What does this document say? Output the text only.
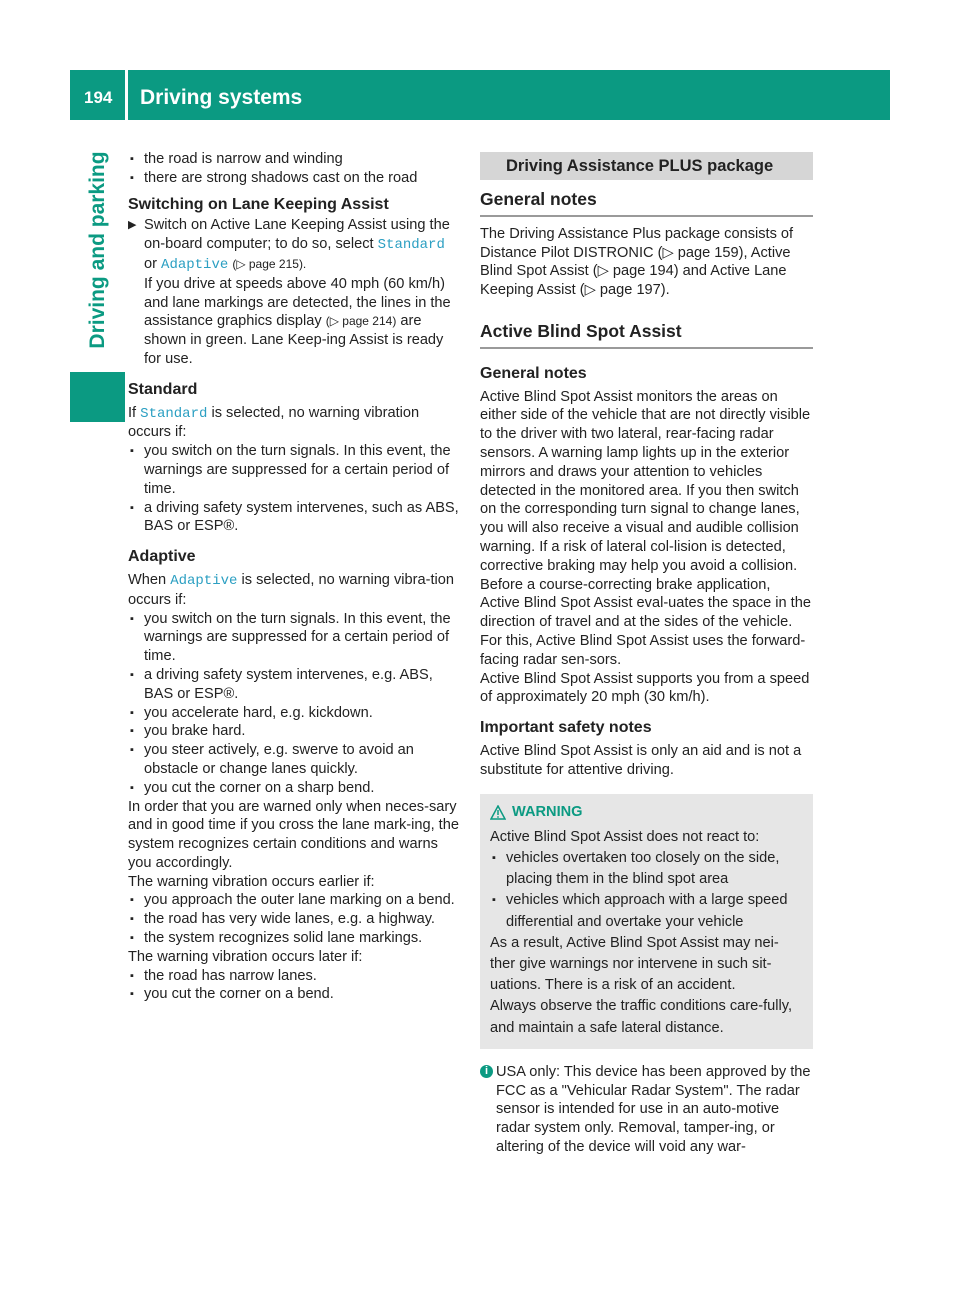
194 Driving systems
Driving and parking ▪ the road is narrow and winding

▪ there are strong shadows cast on the road

Switching on Lane Keeping Assist

▶ Switch on Active Lane Keeping Assist using the on-board computer; to do so, select Standard or Adaptive (▷ page 215).
If you drive at speeds above 40 mph (60 km/h) and lane markings are detected, the lines in the assistance graphics display (▷ page 214) are shown in green. Lane Keep-ing Assist is ready for use.

Standard

If Standard is selected, no warning vibration occurs if:

▪ you switch on the turn signals. In this event, the warnings are suppressed for a certain period of time.

▪ a driving safety system intervenes, such as ABS, BAS or ESP®.

Adaptive

When Adaptive is selected, no warning vibra-tion occurs if:

▪ you switch on the turn signals. In this event, the warnings are suppressed for a certain period of time.

▪ a driving safety system intervenes, e.g. ABS, BAS or ESP®.

▪ you accelerate hard, e.g. kickdown.

▪ you brake hard.

▪ you steer actively, e.g. swerve to avoid an obstacle or change lanes quickly.

▪ you cut the corner on a sharp bend.

In order that you are warned only when neces-sary and in good time if you cross the lane mark-ing, the system recognizes certain conditions and warns you accordingly.

The warning vibration occurs earlier if:

▪ you approach the outer lane marking on a bend.

▪ the road has very wide lanes, e.g. a highway.

▪ the system recognizes solid lane markings.

The warning vibration occurs later if:

▪ the road has narrow lanes.

▪ you cut the corner on a bend.

Driving Assistance PLUS package
General notes

The Driving Assistance Plus package consists of Distance Pilot DISTRONIC (▷ page 159), Active Blind Spot Assist (▷ page 194) and Active Lane Keeping Assist (▷ page 197).

Active Blind Spot Assist

General notes

Active Blind Spot Assist monitors the areas on either side of the vehicle that are not directly visible to the driver with two lateral, rear-facing radar sensors. A warning lamp lights up in the exterior mirrors and draws your attention to vehicles detected in the monitored area. If you then switch on the corresponding turn signal to change lanes, you will also receive a visual and audible collision warning. If a risk of lateral col-lision is detected, corrective braking may help you avoid a collision. Before a course-correcting brake application, Active Blind Spot Assist eval-uates the space in the direction of travel and at the sides of the vehicle. For this, Active Blind Spot Assist uses the forward-facing radar sen-sors.

Active Blind Spot Assist supports you from a speed of approximately 20 mph (30 km/h).

Important safety notes

Active Blind Spot Assist is only an aid and is not a substitute for attentive driving.

WARNING

Active Blind Spot Assist does not react to:

▪ vehicles overtaken too closely on the side, placing them in the blind spot area

▪ vehicles which approach with a large speed differential and overtake your vehicle

As a result, Active Blind Spot Assist may nei-ther give warnings nor intervene in such sit-uations. There is a risk of an accident.

Always observe the traffic conditions care-fully, and maintain a safe lateral distance.

i USA only: This device has been approved by the FCC as a "Vehicular Radar System". The radar sensor is intended for use in an auto-motive radar system only. Removal, tamper-ing, or altering of the device will void any war-
